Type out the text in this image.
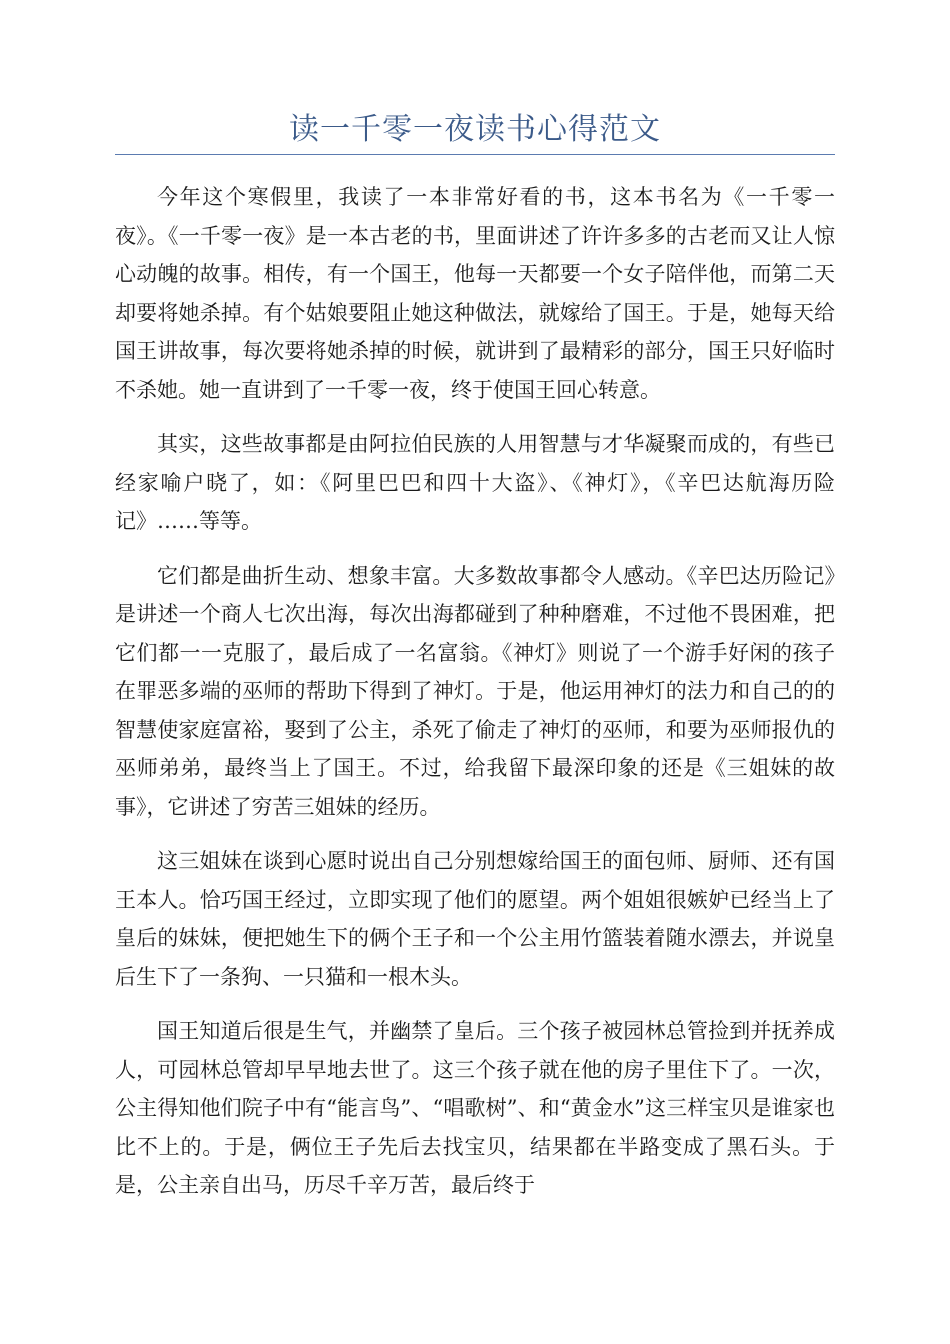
读一千零一夜读书心得范文

今年这个寒假里，我读了一本非常好看的书，这本书名为《一千零一夜》。《一千零一夜》是一本古老的书，里面讲述了许许多多的古老而又让人惊心动魄的故事。相传，有一个国王，他每一天都要一个女子陪伴他，而第二天却要将她杀掉。有个姑娘要阻止她这种做法，就嫁给了国王。于是，她每天给国王讲故事，每次要将她杀掉的时候，就讲到了最精彩的部分，国王只好临时不杀她。她一直讲到了一千零一夜，终于使国王回心转意。

其实，这些故事都是由阿拉伯民族的人用智慧与才华凝聚而成的，有些已经家喻户晓了，如：《阿里巴巴和四十大盗》、《神灯》，《辛巴达航海历险记》……等等。

它们都是曲折生动、想象丰富。大多数故事都令人感动。《辛巴达历险记》是讲述一个商人七次出海，每次出海都碰到了种种磨难，不过他不畏困难，把它们都一一克服了，最后成了一名富翁。《神灯》则说了一个游手好闲的孩子在罪恶多端的巫师的帮助下得到了神灯。于是，他运用神灯的法力和自己的的智慧使家庭富裕，娶到了公主，杀死了偷走了神灯的巫师，和要为巫师报仇的巫师弟弟，最终当上了国王。不过，给我留下最深印象的还是《三姐妹的故事》，它讲述了穷苦三姐妹的经历。

这三姐妹在谈到心愿时说出自己分别想嫁给国王的面包师、厨师、还有国王本人。恰巧国王经过，立即实现了他们的愿望。两个姐姐很嫉妒已经当上了皇后的妹妹，便把她生下的俩个王子和一个公主用竹篮装着随水漂去，并说皇后生下了一条狗、一只猫和一根木头。

国王知道后很是生气，并幽禁了皇后。三个孩子被园林总管捡到并抚养成人，可园林总管却早早地去世了。这三个孩子就在他的房子里住下了。一次，公主得知他们院子中有“能言鸟”、“唱歌树”、和“黄金水”这三样宝贝是谁家也比不上的。于是，俩位王子先后去找宝贝，结果都在半路变成了黑石头。于是，公主亲自出马，历尽千辛万苦，最后终于
